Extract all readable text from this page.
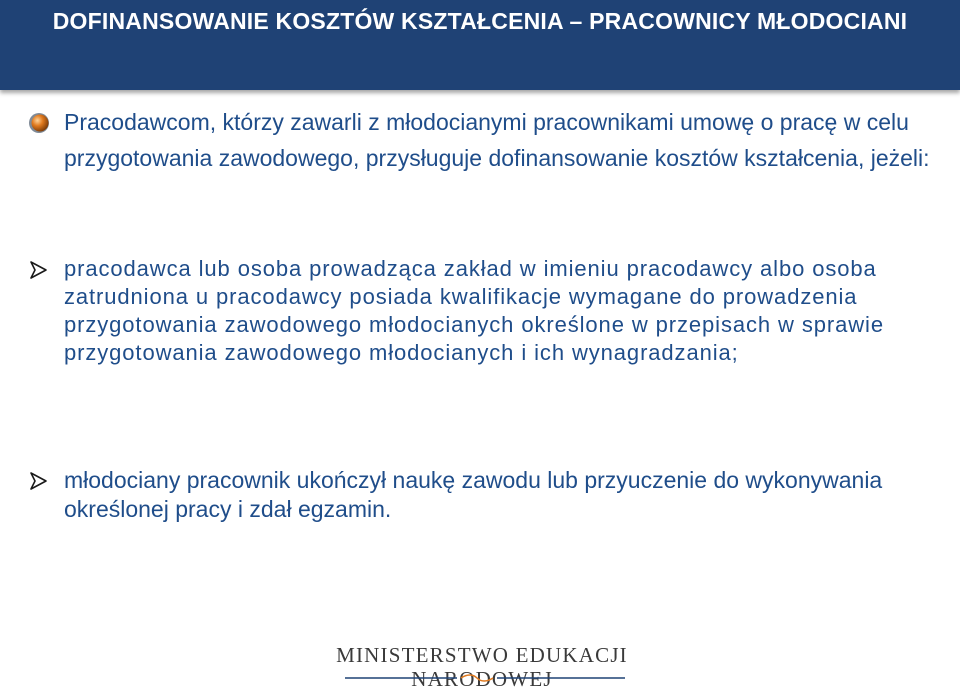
DOFINANSOWANIE KOSZTÓW KSZTAŁCENIA – PRACOWNICY MŁODOCIANI
Pracodawcom, którzy zawarli z młodocianymi pracownikami umowę o pracę w celu przygotowania zawodowego, przysługuje dofinansowanie kosztów kształcenia, jeżeli:
pracodawca lub osoba prowadząca zakład w imieniu pracodawcy albo osoba zatrudniona u pracodawcy posiada kwalifikacje wymagane do prowadzenia przygotowania zawodowego młodocianych określone w przepisach w sprawie przygotowania zawodowego młodocianych i ich wynagradzania;
młodociany pracownik ukończył naukę zawodu lub przyuczenie do wykonywania określonej pracy i zdał egzamin.
MINISTERSTWO EDUKACJI NARODOWEJ
